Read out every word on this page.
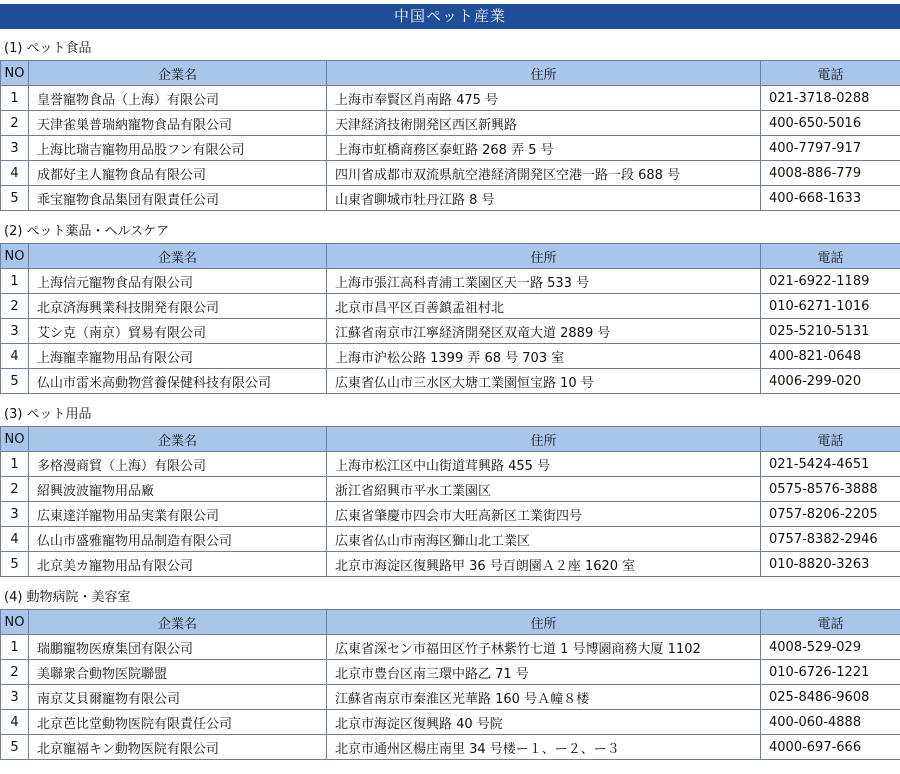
中国ペット産業
(1) ペット食品
NO	企業名	住所	電話
1	皇誉寵物食品（上海）有限公司	上海市奉賢区肖南路 475 号	021-3718-0288
2	天津雀巣普瑞納寵物食品有限公司	天津経済技術開発区西区新興路	400-650-5016
3	上海比瑞吉寵物用品股フン有限公司	上海市虹橋商務区泰虹路 268 弄 5 号	400-7797-917
4	成都好主人寵物食品有限公司	四川省成都市双流県航空港経済開発区空港一路一段 688 号	4008-886-779
5	乖宝寵物食品集団有限責任公司	山東省聊城市牡丹江路 8 号	400-668-1633
(2) ペット薬品・ヘルスケア
NO	企業名	住所	電話
1	上海信元寵物食品有限公司	上海市張江高科青浦工業園区天一路 533 号	021-6922-1189
2	北京済海興業科技開発有限公司	北京市昌平区百善鎮孟祖村北	010-6271-1016
3	艾シ克（南京）貿易有限公司	江蘇省南京市江寧経済開発区双竜大道 2889 号	025-5210-5131
4	上海寵幸寵物用品有限公司	上海市沪松公路 1399 弄 68 号 703 室	400-821-0648
5	仏山市雷米高動物営養保健科技有限公司	広東省仏山市三水区大塘工業園恒宝路 10 号	4006-299-020
(3) ペット用品
NO	企業名	住所	電話
1	多格漫商貿（上海）有限公司	上海市松江区中山街道茸興路 455 号	021-5424-4651
2	紹興波波寵物用品廠	浙江省紹興市平水工業園区	0575-8576-3888
3	広東達洋寵物用品実業有限公司	広東省肇慶市四会市大旺高新区工業街四号	0757-8206-2205
4	仏山市盛雅寵物用品制造有限公司	広東省仏山市南海区獅山北工業区	0757-8382-2946
5	北京美カ寵物用品有限公司	北京市海淀区復興路甲 36 号百朗園Ａ２座 1620 室	010-8820-3263
(4) 動物病院・美容室
NO	企業名	住所	電話
1	瑞鵬寵物医療集団有限公司	広東省深セン市福田区竹子林紫竹七道 1 号博園商務大厦 1102	4008-529-029
2	美聯衆合動物医院聯盟	北京市豊台区南三環中路乙 71 号	010-6726-1221
3	南京艾貝爾寵物有限公司	江蘇省南京市秦淮区光華路 160 号Ａ幢８楼	025-8486-9608
4	北京芭比堂動物医院有限責任公司	北京市海淀区復興路 40 号院	400-060-4888
5	北京寵福キン動物医院有限公司	北京市通州区楊庄南里 34 号楼ー１、ー２、ー３	4000-697-666
